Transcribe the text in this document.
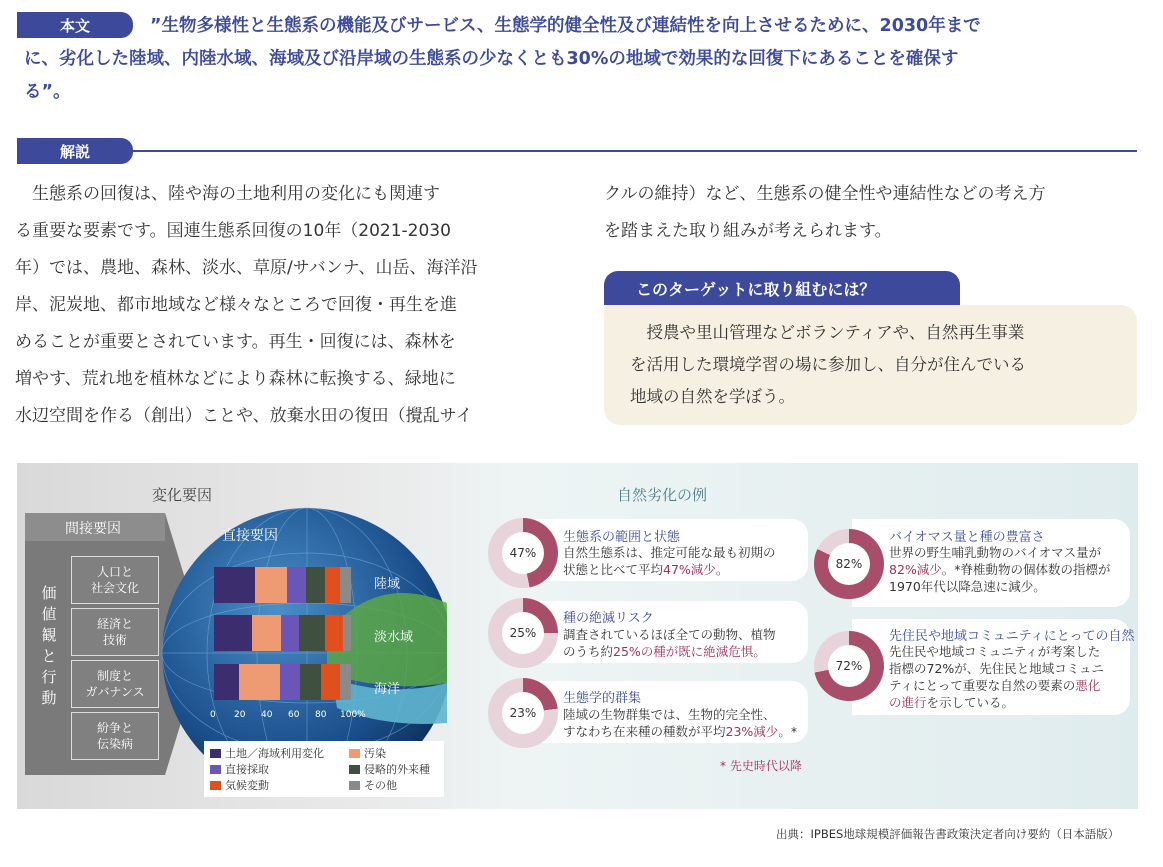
本文	”生物多様性と生態系の機能及びサービス、生態学的健全性及び連結性を向上させるために、2030年まで
に、劣化した陸域、内陸水域、海域及び沿岸域の生態系の少なくとも30%の地域で効果的な回復下にあることを確保す
る”。
解説
　生態系の回復は、陸や海の土地利用の変化にも関連す
る重要な要素です。国連生態系回復の10年（2021-2030
年）では、農地、森林、淡水、草原/サバンナ、山岳、海洋沿
岸、泥炭地、都市地域など様々なところで回復・再生を進
めることが重要とされています。再生・回復には、森林を
増やす、荒れ地を植林などにより森林に転換する、緑地に
水辺空間を作る（創出）ことや、放棄水田の復田（攪乱サイ
クルの維持）など、生態系の健全性や連結性などの考え方
を踏まえた取り組みが考えられます。
このターゲットに取り組むには？
　授農や里山管理などボランティアや、自然再生事業
を活用した環境学習の場に参加し、自分が住んでいる
地域の自然を学ぼう。
変化要因
間接要因
価値観と行動
人口と
社会文化
経済と
技術
制度と
ガバナンス
紛争と
伝染病
直接要因
陸域
淡水域
海洋
0 20 40 60 80 100%
土地／海域利用変化	汚染
直接採取	侵略的外来種
気候変動	その他
自然劣化の例
47%
25%
23%
82%
72%
生態系の範囲と状態
自然生態系は、推定可能な最も初期の
状態と比べて平均47%減少。
種の絶滅リスク
調査されているほぼ全ての動物、植物
のうち約25%の種が既に絶滅危惧。
生態学的群集
陸域の生物群集では、生物的完全性、
すなわち在来種の種数が平均23%減少。*
バイオマス量と種の豊富さ
世界の野生哺乳動物のバイオマス量が
82%減少。*脊椎動物の個体数の指標が
1970年代以降急速に減少。
先住民や地域コミュニティにとっての自然
先住民や地域コミュニティが考案した
指標の72%が、先住民と地域コミュニ
ティにとって重要な自然の要素の悪化
の進行を示している。
* 先史時代以降
出典：IPBES地球規模評価報告書政策決定者向け要約（日本語版）
